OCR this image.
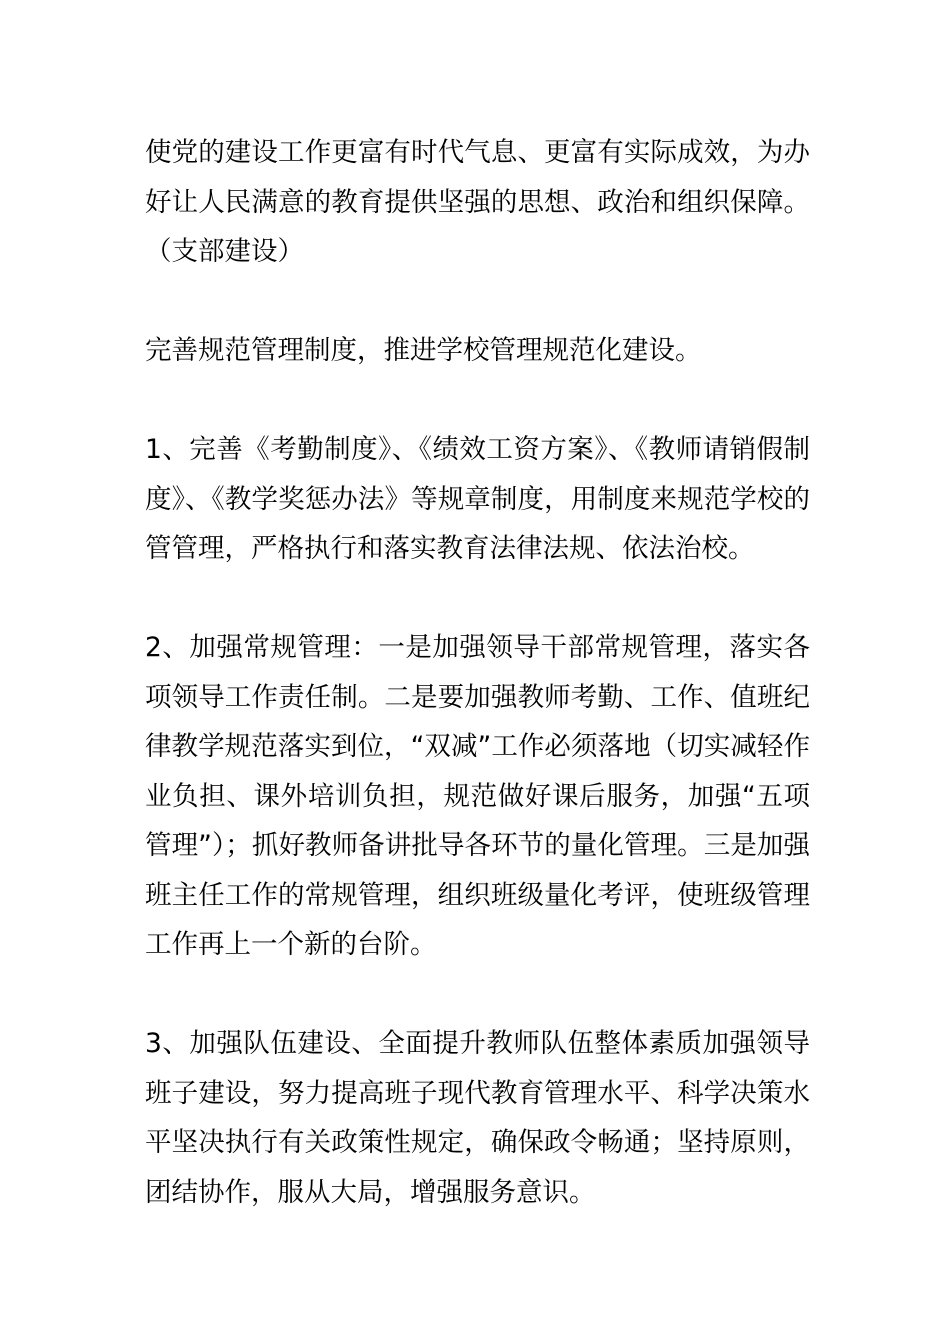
使党的建设工作更富有时代气息、更富有实际成效，为办好让人民满意的教育提供坚强的思想、政治和组织保障。（支部建设）

完善规范管理制度，推进学校管理规范化建设。

1、完善《考勤制度》、《绩效工资方案》、《教师请销假制度》、《教学奖惩办法》等规章制度，用制度来规范学校的管管理，严格执行和落实教育法律法规、依法治校。

2、加强常规管理：一是加强领导干部常规管理，落实各项领导工作责任制。二是要加强教师考勤、工作、值班纪律教学规范落实到位，“双减”工作必须落地（切实减轻作业负担、课外培训负担，规范做好课后服务，加强“五项管理”）；抓好教师备讲批导各环节的量化管理。三是加强班主任工作的常规管理，组织班级量化考评，使班级管理工作再上一个新的台阶。

3、加强队伍建设、全面提升教师队伍整体素质加强领导班子建设，努力提高班子现代教育管理水平、科学决策水平坚决执行有关政策性规定，确保政令畅通；坚持原则，团结协作，服从大局，增强服务意识。
